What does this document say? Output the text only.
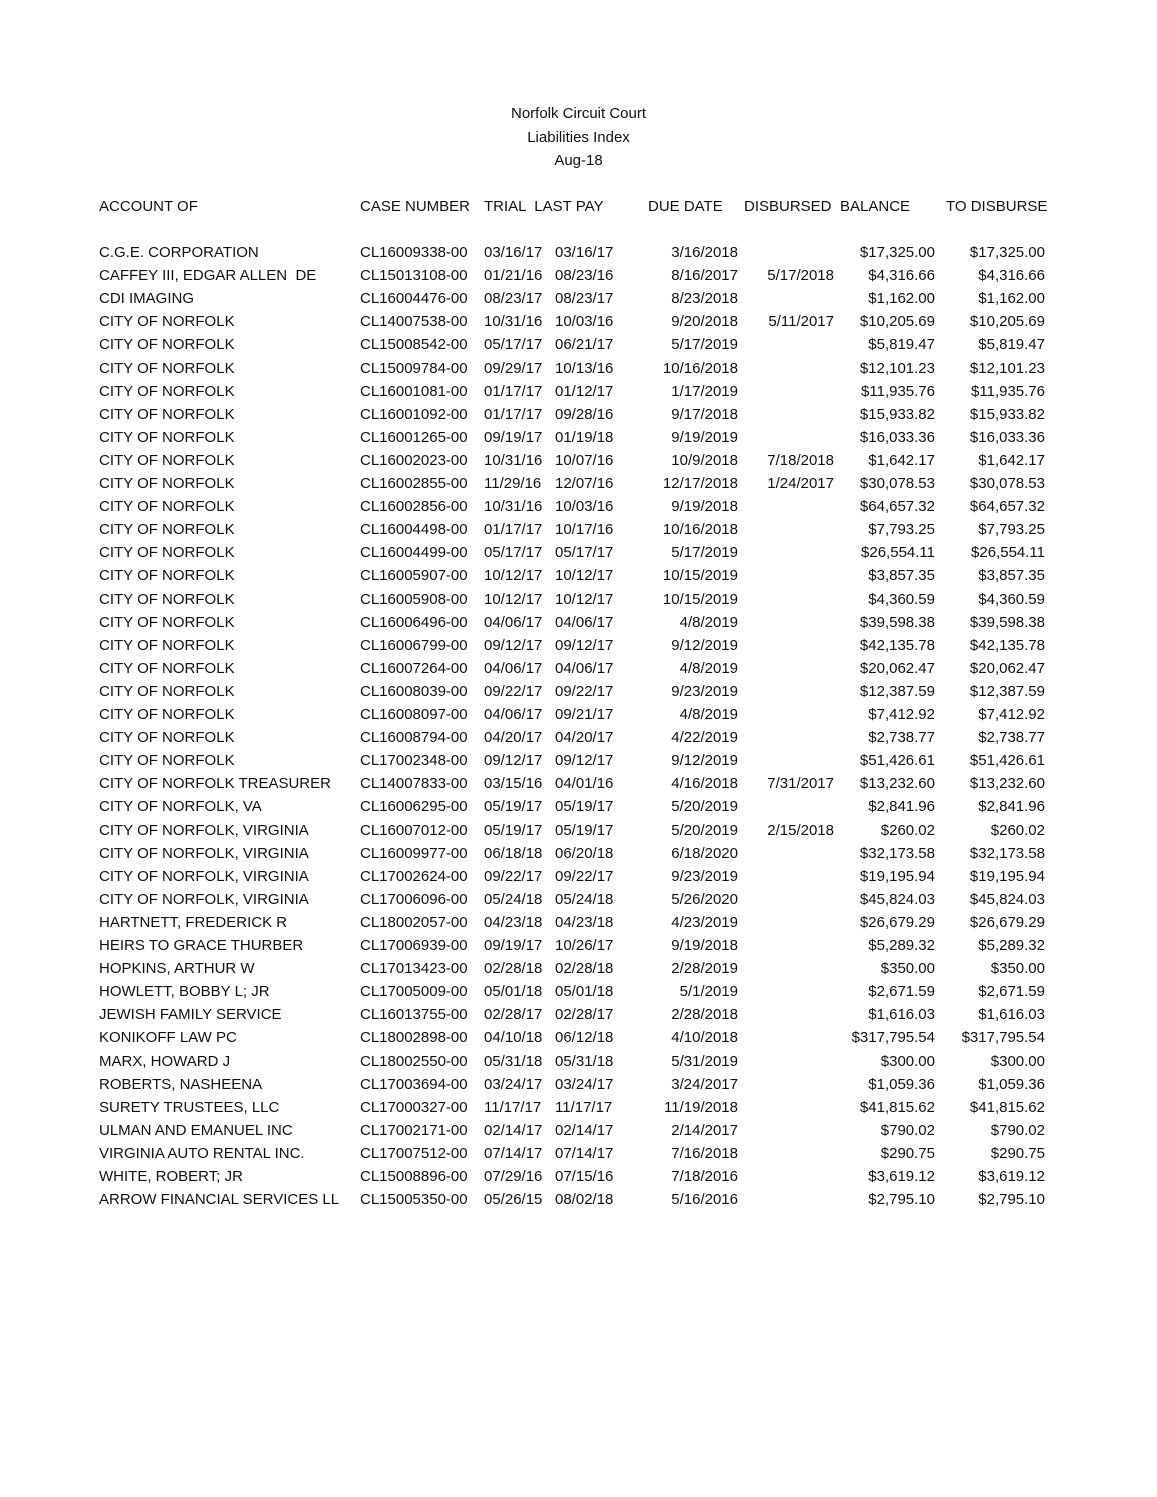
Norfolk Circuit Court
Liabilities Index
Aug-18
ACCOUNT OF	CASE NUMBER TRIAL  LAST PAY	DUE DATE DISBURSED BALANCE TO DISBURSE
C.G.E. CORPORATION	CL16009338-00 03/16/17 03/16/17	3/16/2018	$17,325.00 $17,325.00
CAFFEY III, EDGAR ALLEN  DE	CL15013108-00 01/21/16 08/23/16	8/16/2017 5/17/2018 $4,316.66	$4,316.66
CDI IMAGING	CL16004476-00 08/23/17 08/23/17	8/23/2018	$1,162.00	$1,162.00
CITY OF NORFOLK	CL14007538-00 10/31/16 10/03/16	9/20/2018 5/11/2017 $10,205.69 $10,205.69
CITY OF NORFOLK	CL15008542-00 05/17/17 06/21/17	5/17/2019	$5,819.47	$5,819.47
CITY OF NORFOLK	CL15009784-00 09/29/17 10/13/16	10/16/2018	$12,101.23 $12,101.23
CITY OF NORFOLK	CL16001081-00 01/17/17 01/12/17	1/17/2019	$11,935.76 $11,935.76
CITY OF NORFOLK	CL16001092-00 01/17/17 09/28/16	9/17/2018	$15,933.82 $15,933.82
CITY OF NORFOLK	CL16001265-00 09/19/17 01/19/18	9/19/2019	$16,033.36 $16,033.36
CITY OF NORFOLK	CL16002023-00 10/31/16 10/07/16	10/9/2018 7/18/2018 $1,642.17	$1,642.17
CITY OF NORFOLK	CL16002855-00 11/29/16 12/07/16	12/17/2018 1/24/2017 $30,078.53 $30,078.53
CITY OF NORFOLK	CL16002856-00 10/31/16 10/03/16	9/19/2018	$64,657.32 $64,657.32
CITY OF NORFOLK	CL16004498-00 01/17/17 10/17/16	10/16/2018	$7,793.25	$7,793.25
CITY OF NORFOLK	CL16004499-00 05/17/17 05/17/17	5/17/2019	$26,554.11 $26,554.11
CITY OF NORFOLK	CL16005907-00 10/12/17 10/12/17	10/15/2019	$3,857.35	$3,857.35
CITY OF NORFOLK	CL16005908-00 10/12/17 10/12/17	10/15/2019	$4,360.59	$4,360.59
CITY OF NORFOLK	CL16006496-00 04/06/17 04/06/17	4/8/2019	$39,598.38 $39,598.38
CITY OF NORFOLK	CL16006799-00 09/12/17 09/12/17	9/12/2019	$42,135.78 $42,135.78
CITY OF NORFOLK	CL16007264-00 04/06/17 04/06/17	4/8/2019	$20,062.47 $20,062.47
CITY OF NORFOLK	CL16008039-00 09/22/17 09/22/17	9/23/2019	$12,387.59 $12,387.59
CITY OF NORFOLK	CL16008097-00 04/06/17 09/21/17	4/8/2019	$7,412.92	$7,412.92
CITY OF NORFOLK	CL16008794-00 04/20/17 04/20/17	4/22/2019	$2,738.77	$2,738.77
CITY OF NORFOLK	CL17002348-00 09/12/17 09/12/17	9/12/2019	$51,426.61 $51,426.61
CITY OF NORFOLK TREASURER CL14007833-00 03/15/16 04/01/16	4/16/2018 7/31/2017 $13,232.60 $13,232.60
CITY OF NORFOLK, VA	CL16006295-00 05/19/17 05/19/17	5/20/2019	$2,841.96	$2,841.96
CITY OF NORFOLK, VIRGINIA	CL16007012-00 05/19/17 05/19/17	5/20/2019 2/15/2018	$260.02	$260.02
CITY OF NORFOLK, VIRGINIA	CL16009977-00 06/18/18 06/20/18	6/18/2020	$32,173.58 $32,173.58
CITY OF NORFOLK, VIRGINIA	CL17002624-00 09/22/17 09/22/17	9/23/2019	$19,195.94 $19,195.94
CITY OF NORFOLK, VIRGINIA	CL17006096-00 05/24/18 05/24/18	5/26/2020	$45,824.03 $45,824.03
HARTNETT, FREDERICK R	CL18002057-00 04/23/18 04/23/18	4/23/2019	$26,679.29 $26,679.29
HEIRS TO GRACE THURBER	CL17006939-00 09/19/17 10/26/17	9/19/2018	$5,289.32	$5,289.32
HOPKINS, ARTHUR W	CL17013423-00 02/28/18 02/28/18	2/28/2019	$350.00	$350.00
HOWLETT, BOBBY L; JR	CL17005009-00 05/01/18 05/01/18	5/1/2019	$2,671.59	$2,671.59
JEWISH FAMILY SERVICE	CL16013755-00 02/28/17 02/28/17	2/28/2018	$1,616.03	$1,616.03
KONIKOFF LAW PC	CL18002898-00 04/10/18 06/12/18	4/10/2018	$317,795.54 $317,795.54
MARX, HOWARD J	CL18002550-00 05/31/18 05/31/18	5/31/2019	$300.00	$300.00
ROBERTS, NASHEENA	CL17003694-00 03/24/17 03/24/17	3/24/2017	$1,059.36	$1,059.36
SURETY TRUSTEES, LLC	CL17000327-00 11/17/17 11/17/17	11/19/2018	$41,815.62 $41,815.62
ULMAN AND EMANUEL INC	CL17002171-00 02/14/17 02/14/17	2/14/2017	$790.02	$790.02
VIRGINIA AUTO RENTAL INC.	CL17007512-00 07/14/17 07/14/17	7/16/2018	$290.75	$290.75
WHITE, ROBERT; JR	CL15008896-00 07/29/16 07/15/16	7/18/2016	$3,619.12	$3,619.12
ARROW FINANCIAL SERVICES LL CL15005350-00 05/26/15 08/02/18	5/16/2016	$2,795.10	$2,795.10
